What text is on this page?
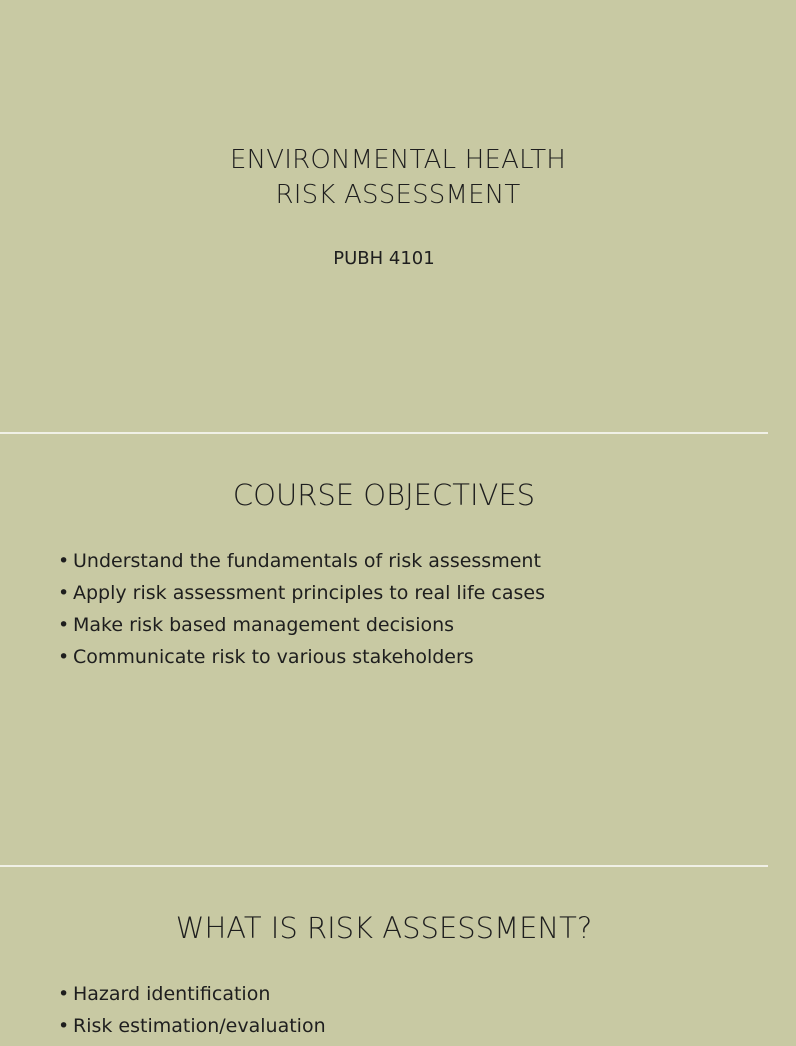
ENVIRONMENTAL HEALTH
RISK ASSESSMENT
PUBH 4101
COURSE OBJECTIVES
• Understand the fundamentals of risk assessment
• Apply risk assessment principles to real life cases
• Make risk based management decisions
• Communicate risk to various stakeholders
WHAT IS RISK ASSESSMENT?
• Hazard identification
• Risk estimation/evaluation
